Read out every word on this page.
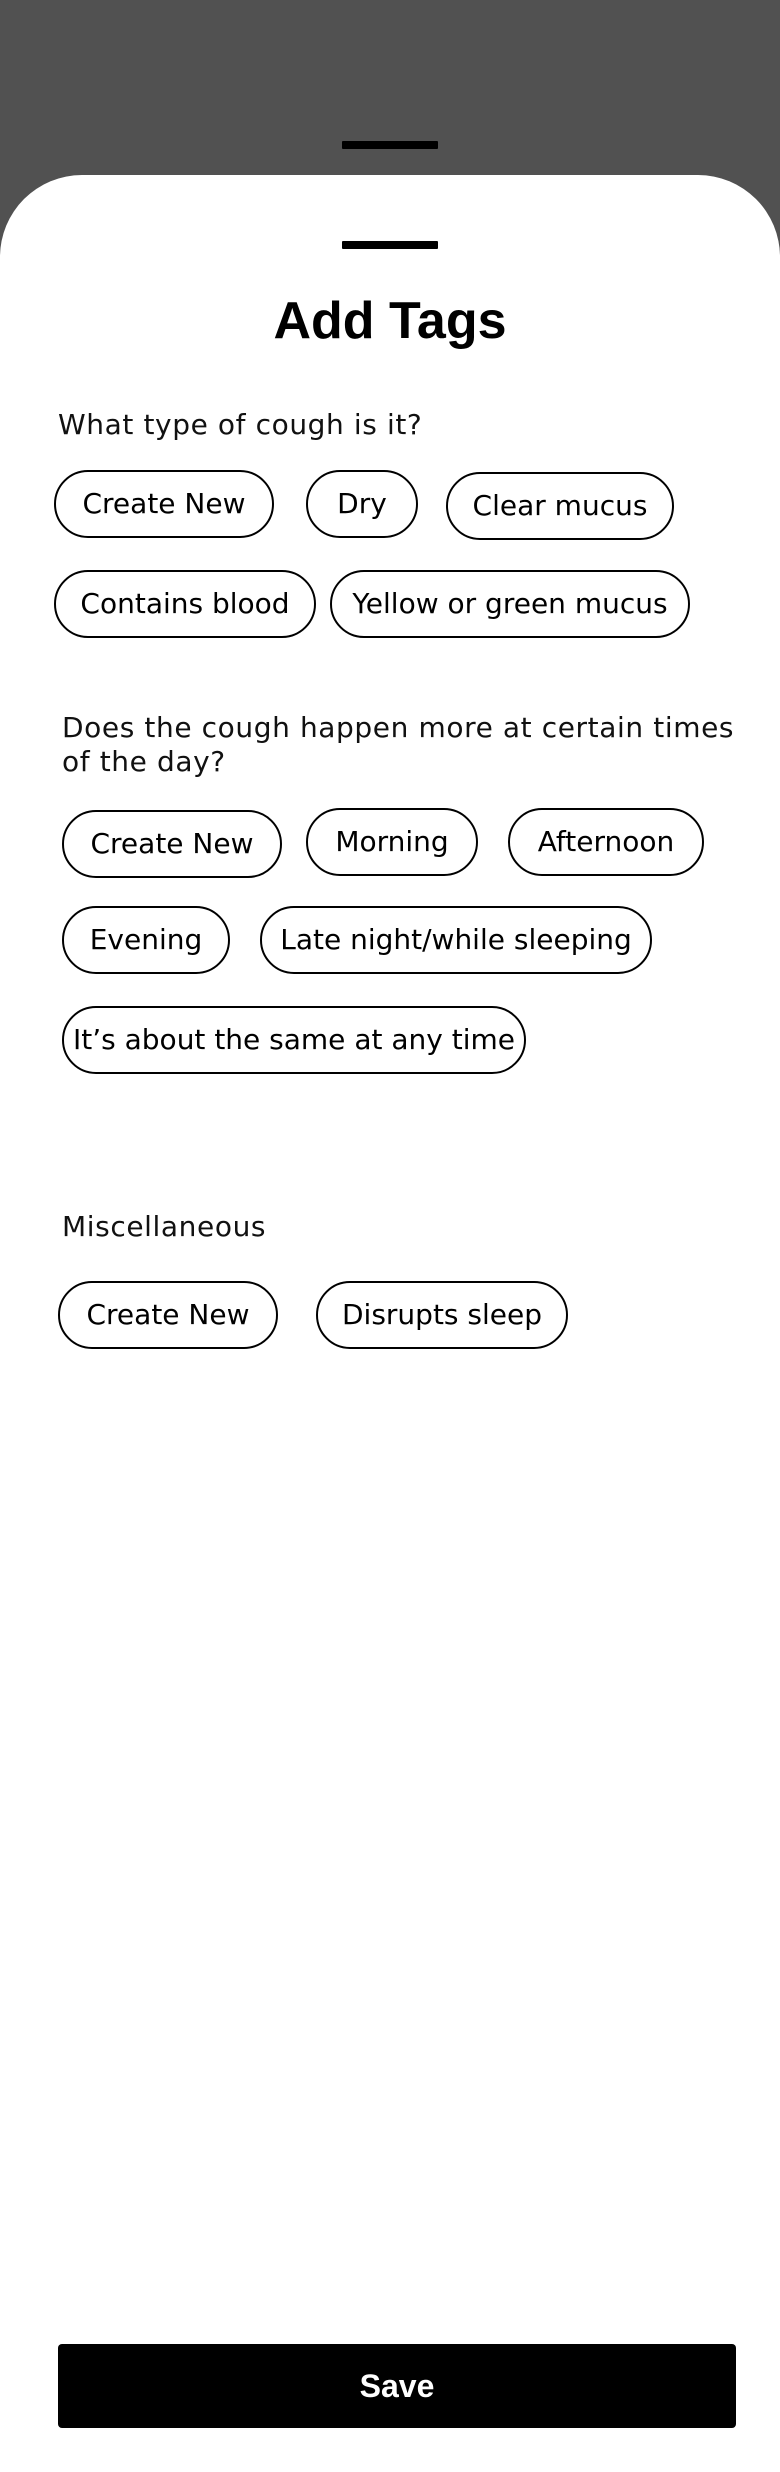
Add Tags
What type of cough is it?
Create New	Dry	Clear mucus
Contains blood	Yellow or green mucus
Does the cough happen more at certain times of the day?
Create New	Morning	Afternoon
Evening	Late night/while sleeping
It’s about the same at any time
Miscellaneous
Create New	Disrupts sleep
Save
